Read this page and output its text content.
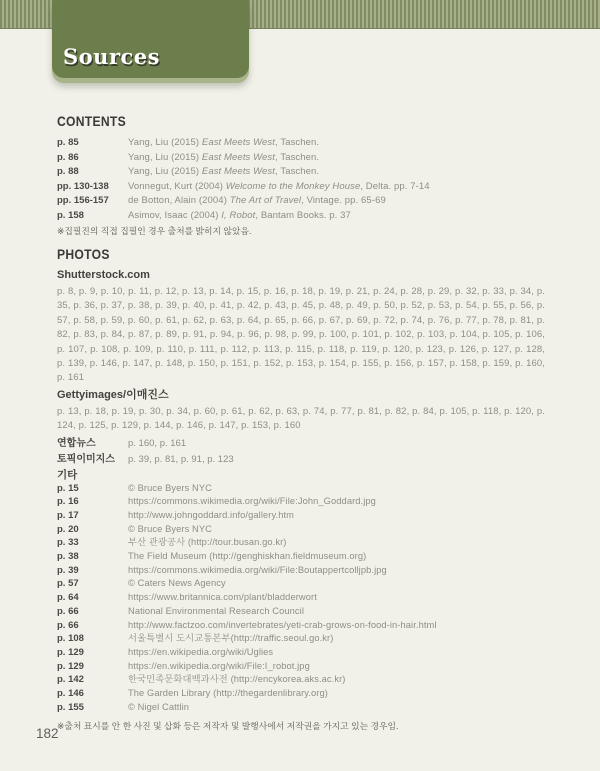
Sources
CONTENTS
p. 85	Yang, Liu (2015) East Meets West, Taschen.
p. 86	Yang, Liu (2015) East Meets West, Taschen.
p. 88	Yang, Liu (2015) East Meets West, Taschen.
pp. 130-138	Vonnegut, Kurt (2004) Welcome to the Monkey House, Delta. pp. 7-14
pp. 156-157	de Botton, Alain (2004) The Art of Travel, Vintage. pp. 65-69
p. 158	Asimov, Isaac (2004) I, Robot, Bantam Books. p. 37
※집필진의 직접 집필인 경우 출처를 밝히지 않았음.
PHOTOS
Shutterstock.com
p. 8, p. 9, p. 10, p. 11, p. 12, p. 13, p. 14, p. 15, p. 16, p. 18, p. 19, p. 21, p. 24, p. 28, p. 29, p. 32, p. 33, p. 34, p. 35, p. 36, p. 37, p. 38, p. 39, p. 40, p. 41, p. 42, p. 43, p. 45, p. 48, p. 49, p. 50, p. 52, p. 53, p. 54, p. 55, p. 56, p. 57, p. 58, p. 59, p. 60, p. 61, p. 62, p. 63, p. 64, p. 65, p. 66, p. 67, p. 69, p. 72, p. 74, p. 76, p. 77, p. 78, p. 81, p. 82, p. 83, p. 84, p. 87, p. 89, p. 91, p. 94, p. 96, p. 98, p. 99, p. 100, p. 101, p. 102, p. 103, p. 104, p. 105, p. 106, p. 107, p. 108, p. 109, p. 110, p. 111, p. 112, p. 113, p. 115, p. 118, p. 119, p. 120, p. 123, p. 126, p. 127, p. 128, p. 139, p. 146, p. 147, p. 148, p. 150, p. 151, p. 152, p. 153, p. 154, p. 155, p. 156, p. 157, p. 158, p. 159, p. 160, p. 161
Gettyimages/이매진스
p. 13, p. 18, p. 19, p. 30, p. 34, p. 60, p. 61, p. 62, p. 63, p. 74, p. 77, p. 81, p. 82, p. 84, p. 105, p. 118, p. 120, p. 124, p. 125, p. 129, p. 144, p. 146, p. 147, p. 153, p. 160
연합뉴스	p. 160, p. 161
토픽이미지스	p. 39, p. 81, p. 91, p. 123
기타
p. 15	© Bruce Byers NYC
p. 16	https://commons.wikimedia.org/wiki/File:John_Goddard.jpg
p. 17	http://www.johngoddard.info/gallery.htm
p. 20	© Bruce Byers NYC
p. 33	부산 관광공사 (http://tour.busan.go.kr)
p. 38	The Field Museum (http://genghiskhan.fieldmuseum.org)
p. 39	https://commons.wikimedia.org/wiki/File:Boutappertcolljpb.jpg
p. 57	© Caters News Agency
p. 64	https://www.britannica.com/plant/bladderwort
p. 66	National Environmental Research Council
p. 66	http://www.factzoo.com/invertebrates/yeti-crab-grows-on-food-in-hair.html
p. 108	서울특별시 도시교통본부(http://traffic.seoul.go.kr)
p. 129	https://en.wikipedia.org/wiki/Uglies
p. 129	https://en.wikipedia.org/wiki/File:I_robot.jpg
p. 142	한국민족문화대백과사전 (http://encykorea.aks.ac.kr)
p. 146	The Garden Library (http://thegardenlibrary.org)
p. 155	© Nigel Cattlin
※출처 표시를 안 한 사진 및 삽화 등은 저작자 및 발행사에서 저작권을 가지고 있는 경우임.
182
